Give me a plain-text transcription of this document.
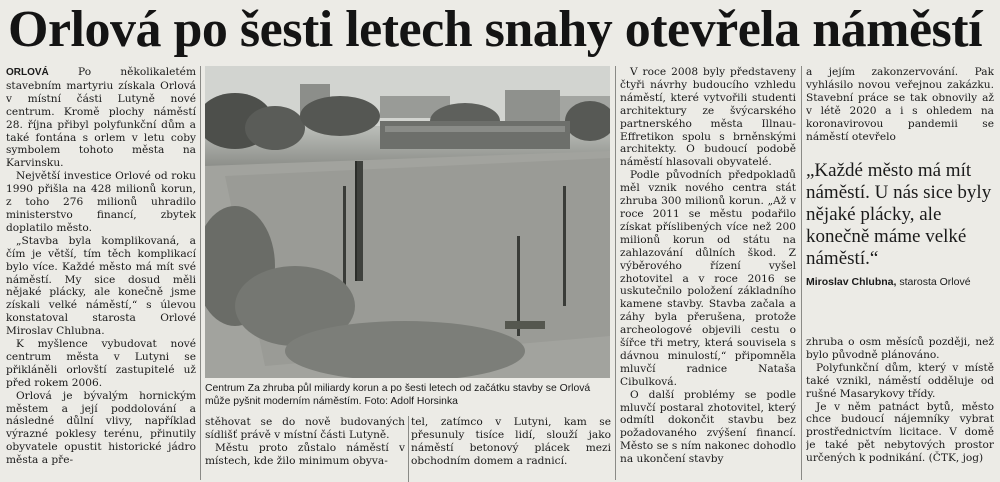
Orlová po šesti letech snahy otevřela náměstí

ORLOVÁ Po několikaletém stavebním martyriu získala Orlová v místní části Lutyně nové centrum. Kromě plochy náměstí 28. října přibyl polyfunkční dům a také fontána s orlem v letu coby symbolem tohoto města na Karvinsku.

Největší investice Orlové od roku 1990 přišla na 428 milionů korun, z toho 276 milionů uhradilo ministerstvo financí, zbytek doplatilo město.

„Stavba byla komplikovaná, a čím je větší, tím těch komplikací bylo více. Každé město má mít své náměstí. My sice dosud měli nějaké plácky, ale konečně jsme získali velké náměstí,“ s úlevou konstatoval starosta Orlové Miroslav Chlubna.

K myšlence vybudovat nové centrum města v Lutyni se přikláněli orlovští zastupitelé už před rokem 2006.

Orlová je bývalým hornickým městem a její poddolování a následné důlní vlivy, například výrazné poklesy terénu, přinutily obyvatele opustit historické jádro města a pře-

Centrum Za zhruba půl miliardy korun a po šesti letech od začátku stavby se Orlová může pyšnit moderním náměstím. Foto: Adolf Horsinka

stěhovat se do nově budovaných sídlišť právě v místní části Lutyně.

Městu proto zůstalo náměstí v místech, kde žilo minimum obyva-

tel, zatímco v Lutyni, kam se přesunuly tisíce lidí, slouží jako náměstí betonový plácek mezi obchodním domem a radnicí.

V roce 2008 byly představeny čtyři návrhy budoucího vzhledu náměstí, které vytvořili studenti architektury ze švýcarského partnerského města Illnau-Effretikon spolu s brněnskými architekty. O budoucí podobě náměstí hlasovali obyvatelé.

Podle původních předpokladů měl vznik nového centra stát zhruba 300 milionů korun. „Až v roce 2011 se městu podařilo získat příslibených více než 200 milionů korun od státu na zahlazování důlních škod. Z výběrového řízení vyšel zhotovitel a v roce 2016 se uskutečnilo položení základního kamene stavby. Stavba začala a záhy byla přerušena, protože archeologové objevili cestu o šířce tři metry, která souvisela s dávnou minulostí,“ připomněla mluvčí radnice Nataša Cibulková.

O další problémy se podle mluvčí postaral zhotovitel, který odmítl dokončit stavbu bez požadovaného zvýšení financí. Město se s ním nakonec dohodlo na ukončení stavby

a jejím zakonzervování. Pak vyhlásilo novou veřejnou zakázku. Stavební práce se tak obnovily až v létě 2020 a i s ohledem na koronavirovou pandemii se náměstí otevřelo

„Každé město má mít náměstí. U nás sice byly nějaké plácky, ale konečně máme velké náměstí.“

Miroslav Chlubna, starosta Orlové

zhruba o osm měsíců později, než bylo původně plánováno.

Polyfunkční dům, který v místě také vznikl, náměstí odděluje od rušné Masarykovy třídy.

Je v něm patnáct bytů, město chce budoucí nájemníky vybrat prostřednictvím licitace. V domě je také pět nebytových prostor určených k podnikání. (ČTK, jog)
